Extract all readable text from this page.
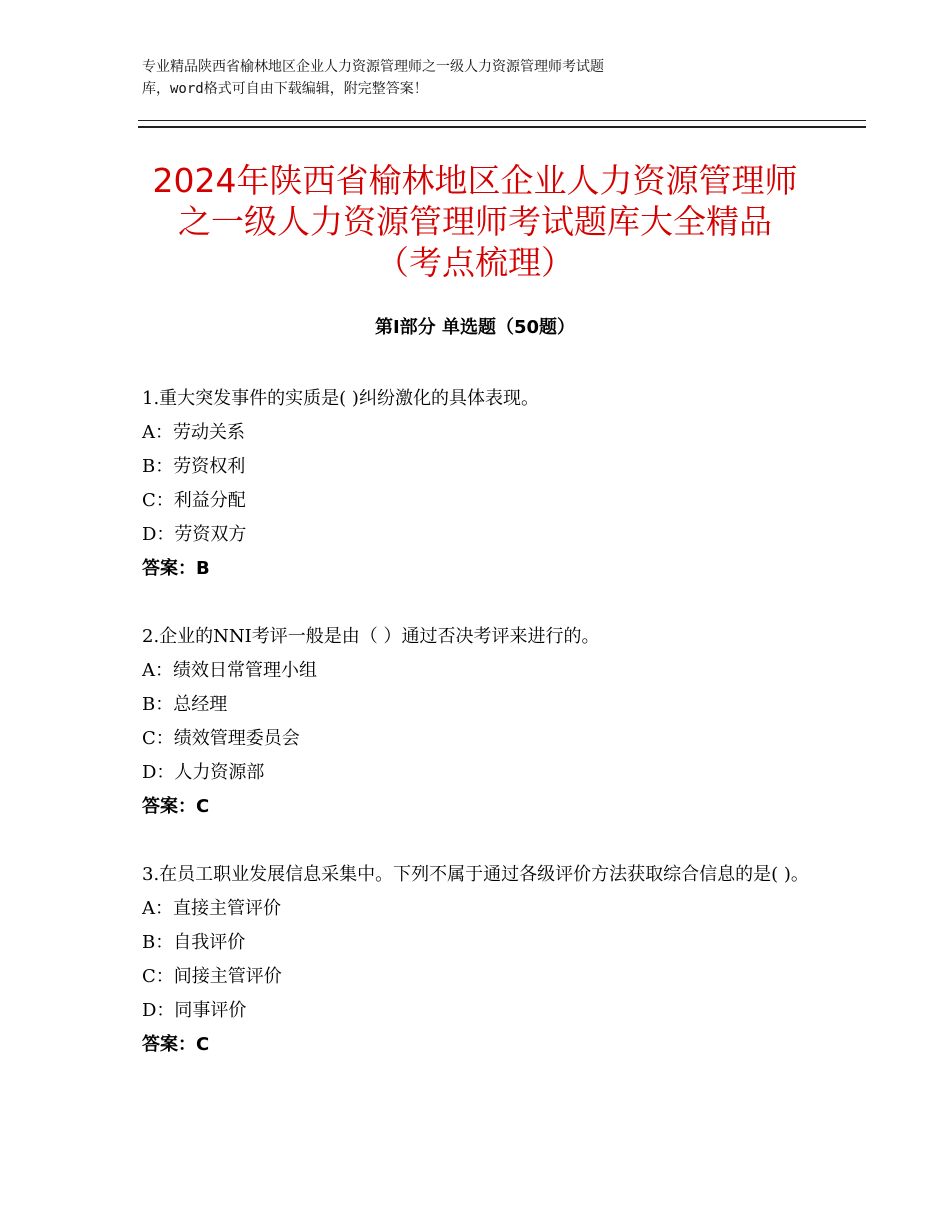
专业精品陕西省榆林地区企业人力资源管理师之一级人力资源管理师考试题
库，word格式可自由下载编辑，附完整答案！
2024年陕西省榆林地区企业人力资源管理师
之一级人力资源管理师考试题库大全精品
（考点梳理）
第Ⅰ部分 单选题（50题）

1.重大突发事件的实质是( )纠纷激化的具体表现。

A：劳动关系

B：劳资权利

C：利益分配

D：劳资双方

答案：B

2.企业的NNI考评一般是由（ ）通过否决考评来进行的。

A：绩效日常管理小组

B：总经理

C：绩效管理委员会

D：人力资源部

答案：C

3.在员工职业发展信息采集中。下列不属于通过各级评价方法获取综合信息的是( )。

A：直接主管评价

B：自我评价

C：间接主管评价

D：同事评价

答案：C
